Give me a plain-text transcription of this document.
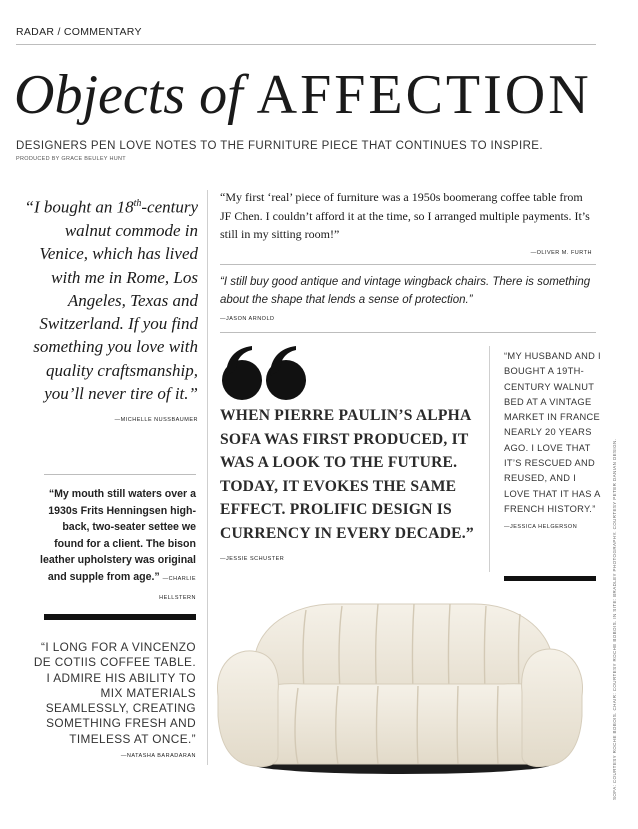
RADAR / COMMENTARY
Objects of AFFECTION
DESIGNERS PEN LOVE NOTES TO THE FURNITURE PIECE THAT CONTINUES TO INSPIRE.
PRODUCED BY GRACE BEULEY HUNT
“I bought an 18th-century walnut commode in Venice, which has lived with me in Rome, Los Angeles, Texas and Switzerland. If you find something you love with quality craftsmanship, you’ll never tire of it.”
—MICHELLE NUSSBAUMER
“My mouth still waters over a 1930s Frits Henningsen high-back, two-seater settee we found for a client. The bison leather upholstery was original and supple from age.” —CHARLIE HELLSTERN
“I LONG FOR A VINCENZO DE COTIIS COFFEE TABLE. I ADMIRE HIS ABILITY TO MIX MATERIALS SEAMLESSLY, CREATING SOMETHING FRESH AND TIMELESS AT ONCE.”
—NATASHA BARADARAN
“My first ‘real’ piece of furniture was a 1950s boomerang coffee table from JF Chen. I couldn’t afford it at the time, so I arranged multiple payments. It’s still in my sitting room!”
—OLIVER M. FURTH
“I still buy good antique and vintage wingback chairs. There is something about the shape that lends a sense of protection.”
—JASON ARNOLD
WHEN PIERRE PAULIN’S ALPHA SOFA WAS FIRST PRODUCED, IT WAS A LOOK TO THE FUTURE. TODAY, IT EVOKES THE SAME EFFECT. PROLIFIC DESIGN IS CURRENCY IN EVERY DECADE.”
—JESSIE SCHUSTER
“MY HUSBAND AND I BOUGHT A 19TH-CENTURY WALNUT BED AT A VINTAGE MARKET IN FRANCE NEARLY 20 YEARS AGO. I LOVE THAT IT’S RESCUED AND REUSED, AND I LOVE THAT IT HAS A FRENCH HISTORY.”
—JESSICA HELGERSON	SOFA: COURTESY ROCHE BOBOIS. CHAIR: COURTESY ROCHE BOBOIS. IN SITE: BRADLEY PHOTOGRAPHY. COURTESY PETER DANIAN DESIGN.
